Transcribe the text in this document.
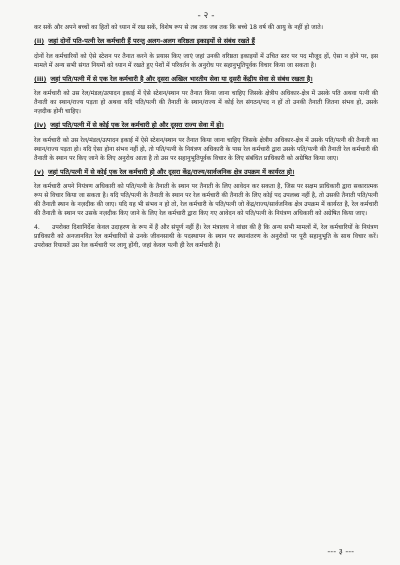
- २ -

कर सकें और अपने बच्चों का हितों को ध्यान में रख सकें, विशेष रूप से तब तक जब तक कि बच्चे 18 वर्ष की आयु के नहीं हो जाते।

(ii) जहां दोनों पति-पत्नी रेल कर्मचारी हैं परन्तु अलग-अलग वरिष्ठता इकाइयों से संबंध रखते हैं

दोनों रेल कर्मचारियों को ऐसे स्टेशन पर तैनात करने के प्रयास किए जाएं जहां उनकी वरिष्ठता इकाइयों में उचित स्तर पर पद मौजूद हों, ऐसा न होने पर, इस मामले में अन्य सभी संगत नियमों को ध्यान में रखते हुए पेशों में परिवर्तन के अनुरोध पर सहानुभूतिपूर्वक विचार किया जा सकता है।

(iii) जहां पति/पत्नी में से एक रेल कर्मचारी है और दूसरा अखिल भारतीय सेवा या दूसरी केंद्रीय सेवा से संबंध रखता है।

रेल कर्मचारी को उस रेल/मंडल/उत्पादन इकाई में ऐसे स्टेशन/स्थान पर तैनात किया जाना चाहिए जिसके क्षेत्रीय अधिकार-क्षेत्र में उसके पति अथवा पत्नी की तैनाती का स्थान/राज्य पड़ता हो अथवा यदि पति/पत्नी की तैनाती के स्थान/राज्य में कोई रेल संगठन/पद न हों तो उनकी तैनाती जितना संभव हो, उसके नज़दीक होनी चाहिए।

(iv) जहां पति/पत्नी में से कोई एक रेल कर्मचारी हो और दूसरा राज्य सेवा में हो।

रेल कर्मचारी को उस रेल/मंडल/उत्पादन इकाई में ऐसे स्टेशन/स्थान पर तैनात किया जाना चाहिए जिसके क्षेत्रीय अधिकार-क्षेत्र में उसके पति/पत्नी की तैनाती का स्थान/राज्य पड़ता हो। यदि ऐसा होना संभव नहीं हो, तो पति/पत्नी के नियंत्रण अधिकारी के पास रेल कर्मचारी द्वारा उसके पति/पत्नी की तैनाती रेल कर्मचारी की तैनाती के स्थान पर किए जाने के लिए अनुरोध आता है तो उस पर सहानुभूतिपूर्वक विचार के लिए संबंधित प्राधिकारी को अग्रेषित किया जाए।

(v) जहां पति/पत्नी में से कोई एक रेल कर्मचारी हो और दूसरा केंद्र/राज्य/सार्वजनिक क्षेत्र उपक्रम में कार्यरत हो।

रेल कर्मचारी अपने नियंत्रण अधिकारी को पति/पत्नी के तैनाती के स्थान पर तैनाती के लिए आवेदन कर सकता है, जिस पर सक्षम प्राधिकारी द्वारा सकारात्मक रूप से विचार किया जा सकता है। यदि पति/पत्नी के तैनाती के स्थान पर रेल कर्मचारी की तैनाती के लिए कोई पद उपलब्ध नहीं है, तो उसकी तैनाती पति/पत्नी की तैनाती स्थान के नज़दीक की जाए। यदि यह भी संभव न हो तो, रेल कर्मचारी के पति/पत्नी जो केंद्र/राज्य/सार्वजनिक क्षेत्र उपक्रम में कार्यरत है, रेल कर्मचारी की तैनाती के स्थान पर उसके नज़दीक किए जाने के लिए रेल कर्मचारी द्वारा किए गए आवेदन को पति/पत्नी के नियंत्रण अधिकारी को अग्रेषित किया जाए।

4. उपरोक्त दिशानिर्देश केवल उदाहरण के रूप में हैं और संपूर्ण नहीं हैं। रेल मंत्रालय ने वांछा की है कि अन्य सभी मामलों में, रेल कर्मचारियों के नियंत्रण प्राधिकारी को अनजानवित रेल कर्मचारियों से उनके जीवनसाथी के पदस्थापन के स्थान पर स्थानांतरण के अनुरोधों पर पूरी सहानुभूति के साथ विचार करें। उपरोक्त रियायतें उस रेल कर्मचारी पर लागू होंगी, जहां केवल पत्नी ही रेल कर्मचारी है।

--- ३ ---
